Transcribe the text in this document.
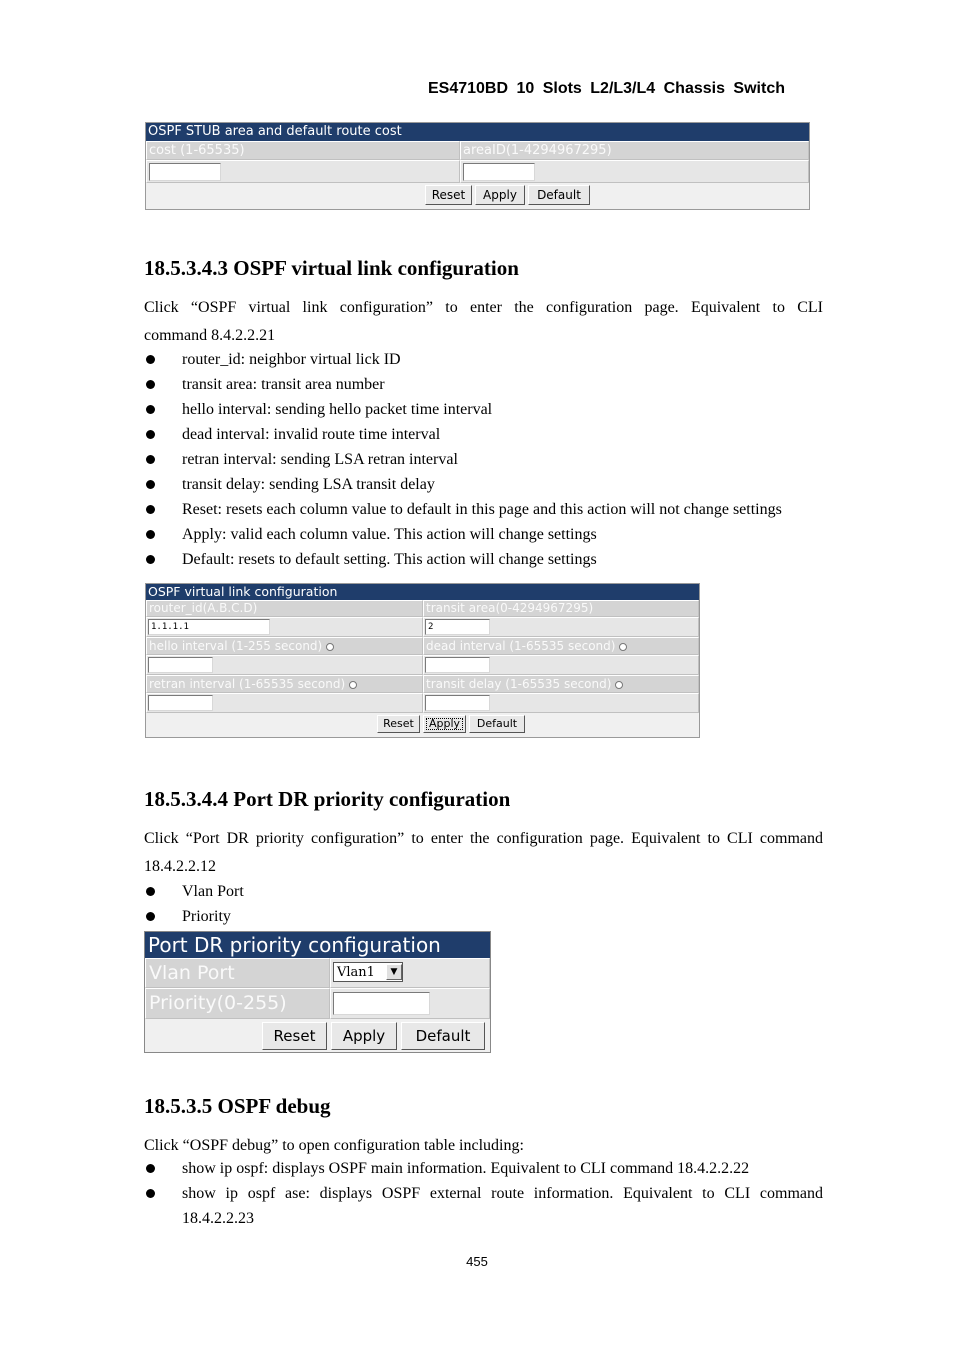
ES4710BD 10 Slots L2/L3/L4 Chassis Switch
OSPF STUB area and default route cost
cost (1-65535)	areaID(1-4294967295)
Reset	Apply	Default
18.5.3.4.3 OSPF virtual link configuration
Click “OSPF virtual link configuration” to enter the configuration page. Equivalent to CLI
command 8.4.2.2.21
router_id: neighbor virtual lick ID
transit area: transit area number
hello interval: sending hello packet time interval
dead interval: invalid route time interval
retran interval: sending LSA retran interval
transit delay: sending LSA transit delay
Reset: resets each column value to default in this page and this action will not change settings
Apply: valid each column value. This action will change settings
Default: resets to default setting. This action will change settings
OSPF virtual link configuration
router_id(A.B.C.D)	transit area(0-4294967295)
1.1.1.1	2
hello interval (1-255 second)	dead interval (1-65535 second)
retran interval (1-65535 second)	transit delay (1-65535 second)
Reset	Apply	Default
18.5.3.4.4 Port DR priority configuration
Click “Port DR priority configuration” to enter the configuration page. Equivalent to CLI command
18.4.2.2.12
Vlan Port
Priority
Port DR priority configuration
Vlan Port	Vlan1	▼
Priority(0-255)
Reset	Apply	Default
18.5.3.5 OSPF debug
Click “OSPF debug” to open configuration table including:
show ip ospf: displays OSPF main information. Equivalent to CLI command 18.4.2.2.22
show ip ospf ase: displays OSPF external route information. Equivalent to CLI command
18.4.2.2.23
455
